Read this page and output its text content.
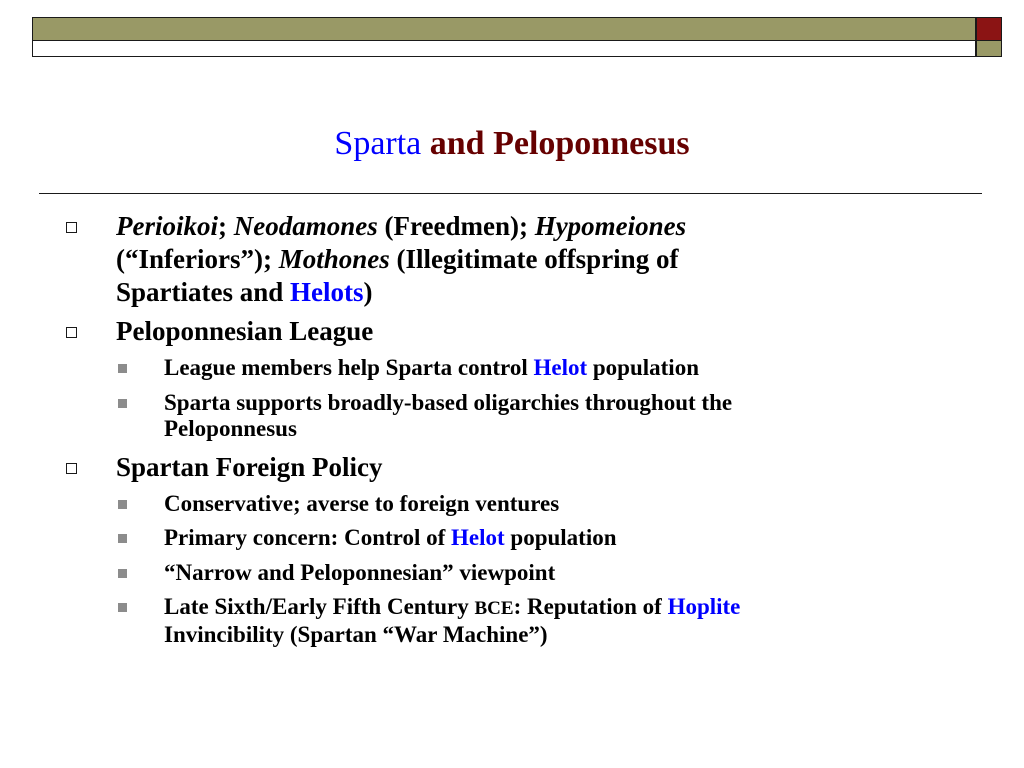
Sparta and Peloponnesus
Perioikoi; Neodamones (Freedmen); Hypomeiones
(“Inferiors”); Mothones (Illegitimate offspring of
Spartiates and Helots)
Peloponnesian League
League members help Sparta control Helot population
Sparta supports broadly-based oligarchies throughout the
Peloponnesus
Spartan Foreign Policy
Conservative; averse to foreign ventures
Primary concern: Control of Helot population
“Narrow and Peloponnesian” viewpoint
Late Sixth/Early Fifth Century BCE: Reputation of Hoplite
Invincibility (Spartan “War Machine”)
